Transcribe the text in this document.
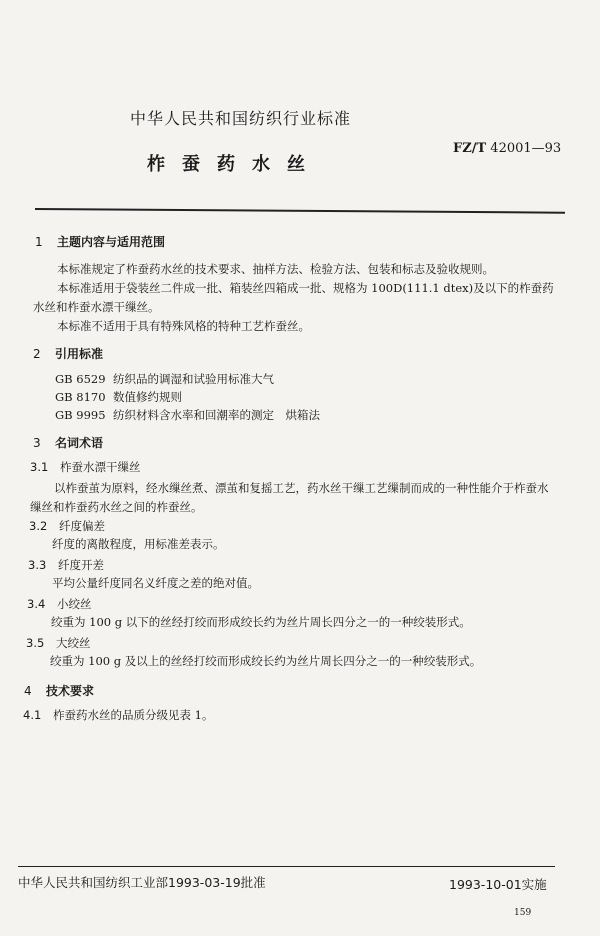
中华人民共和国纺织行业标准
柞蚕药水丝
FZ/T 42001—93
1 主题内容与适用范围
本标准规定了柞蚕药水丝的技术要求、抽样方法、检验方法、包装和标志及验收规则。
本标准适用于袋装丝二件成一批、箱装丝四箱成一批、规格为 100D(111.1 dtex)及以下的柞蚕药
水丝和柞蚕水漂干缫丝。
本标准不适用于具有特殊风格的特种工艺柞蚕丝。
2 引用标准
GB 6529 纺织品的调湿和试验用标准大气
GB 8170 数值修约规则
GB 9995 纺织材料含水率和回潮率的测定　烘箱法
3 名词术语
3.1 柞蚕水漂干缫丝
以柞蚕茧为原料，经水缫丝煮、漂茧和复摇工艺，药水丝干缫工艺缫制而成的一种性能介于柞蚕水
缫丝和柞蚕药水丝之间的柞蚕丝。
3.2 纤度偏差
纤度的离散程度，用标准差表示。
3.3 纤度开差
平均公量纤度同名义纤度之差的绝对值。
3.4 小绞丝
绞重为 100 g 以下的丝经打绞而形成绞长约为丝片周长四分之一的一种绞装形式。
3.5 大绞丝
绞重为 100 g 及以上的丝经打绞而形成绞长约为丝片周长四分之一的一种绞装形式。
4 技术要求
4.1 柞蚕药水丝的品质分级见表 1。
中华人民共和国纺织工业部1993-03-19批准	1993-10-01实施
159
